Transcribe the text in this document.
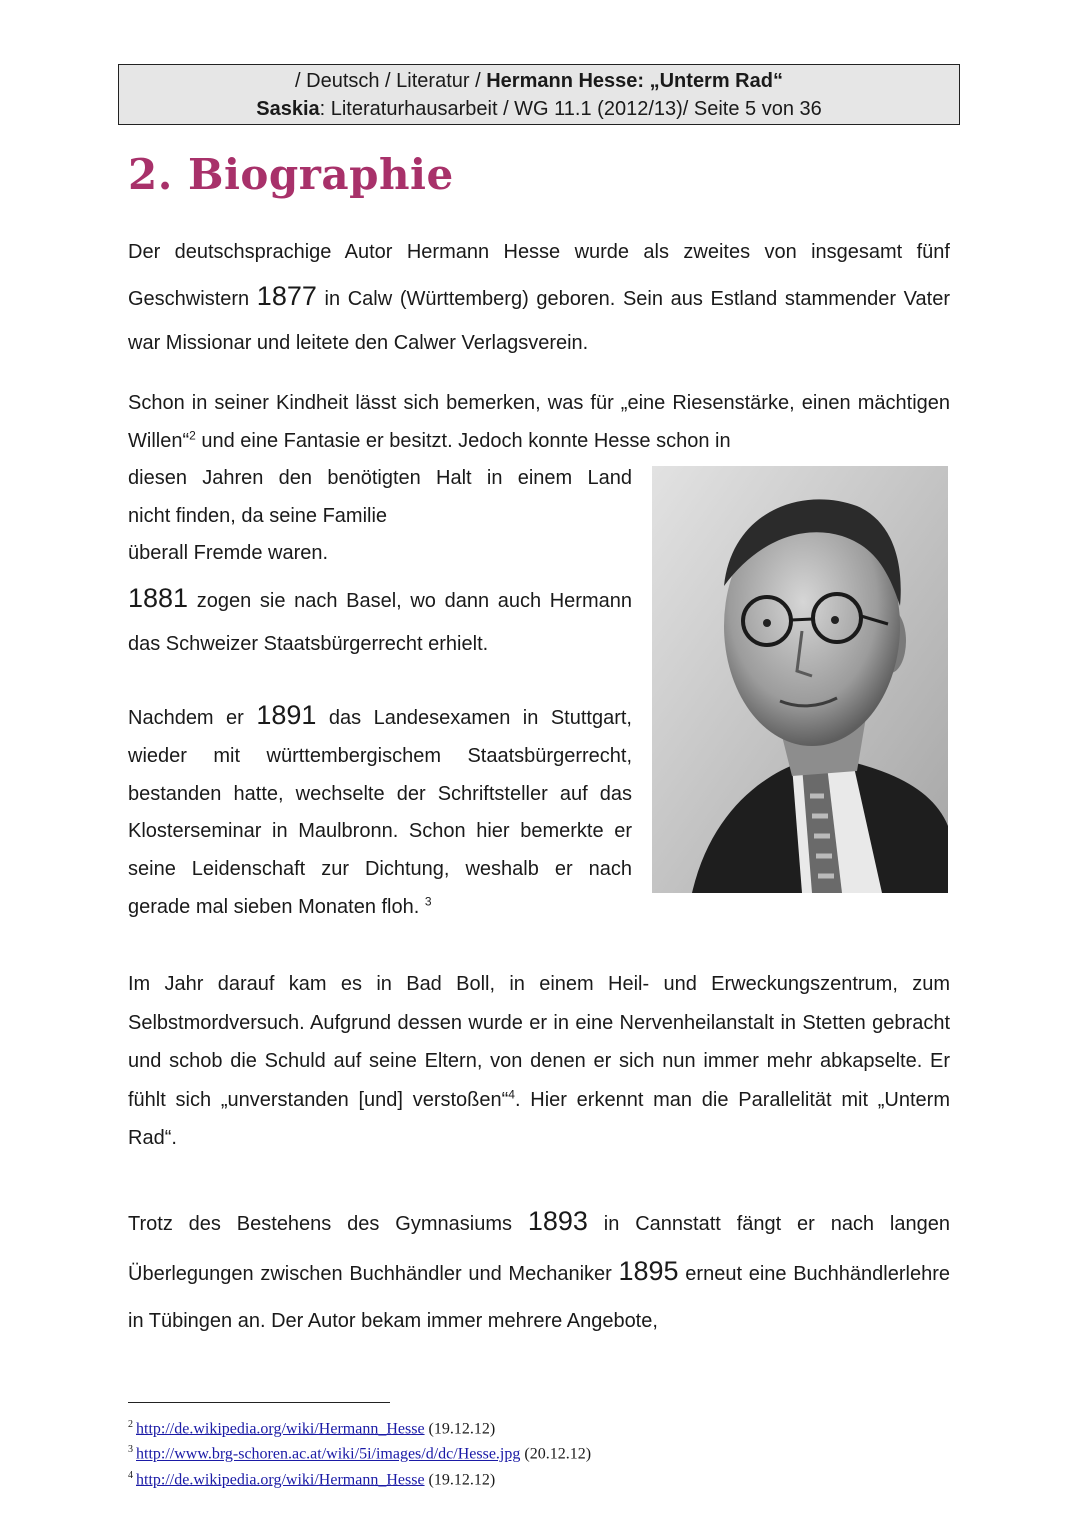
/ Deutsch / Literatur / Hermann Hesse: „Unterm Rad“
Saskia: Literaturhausarbeit / WG 11.1 (2012/13)/ Seite 5 von 36
2. Biographie

Der deutschsprachige Autor Hermann Hesse wurde als zweites von insgesamt fünf Geschwistern 1877 in Calw (Württemberg) geboren. Sein aus Estland stammender Vater war Missionar und leitete den Calwer Verlagsverein.

Schon in seiner Kindheit lässt sich bemerken, was für „eine Riesenstärke, einen mächtigen Willen“$^2$ und eine Fantasie er besitzt. Jedoch konnte Hesse schon in

diesen Jahren den benötigten Halt in einem Land
nicht finden, da seine Familie
überall Fremde waren.

1881 zogen sie nach Basel, wo dann auch Hermann das Schweizer Staatsbürgerrecht erhielt.

Nachdem er 1891 das Landesexamen in Stuttgart, wieder mit württembergischem Staatsbürgerrecht, bestanden hatte, wechselte der Schriftsteller auf das Klosterseminar in Maulbronn. Schon hier bemerkte er seine Leidenschaft zur Dichtung, weshalb er nach gerade mal sieben Monaten floh. $^3$

Im Jahr darauf kam es in Bad Boll, in einem Heil- und Erweckungszentrum, zum Selbstmordversuch. Aufgrund dessen wurde er in eine Nervenheilanstalt in Stetten gebracht und schob die Schuld auf seine Eltern, von denen er sich nun immer mehr abkapselte. Er fühlt sich „unverstanden [und] verstoßen“$^4$. Hier erkennt man die Parallelität mit „Unterm Rad“.

Trotz des Bestehens des Gymnasiums 1893 in Cannstatt fängt er nach langen Überlegungen zwischen Buchhändler und Mechaniker 1895 erneut eine Buchhändlerlehre in Tübingen an. Der Autor bekam immer mehrere Angebote,

$^2$ http://de.wikipedia.org/wiki/Hermann_Hesse (19.12.12)
$^3$ http://www.brg-schoren.ac.at/wiki/5i/images/d/dc/Hesse.jpg (20.12.12)
$^4$ http://de.wikipedia.org/wiki/Hermann_Hesse (19.12.12)
